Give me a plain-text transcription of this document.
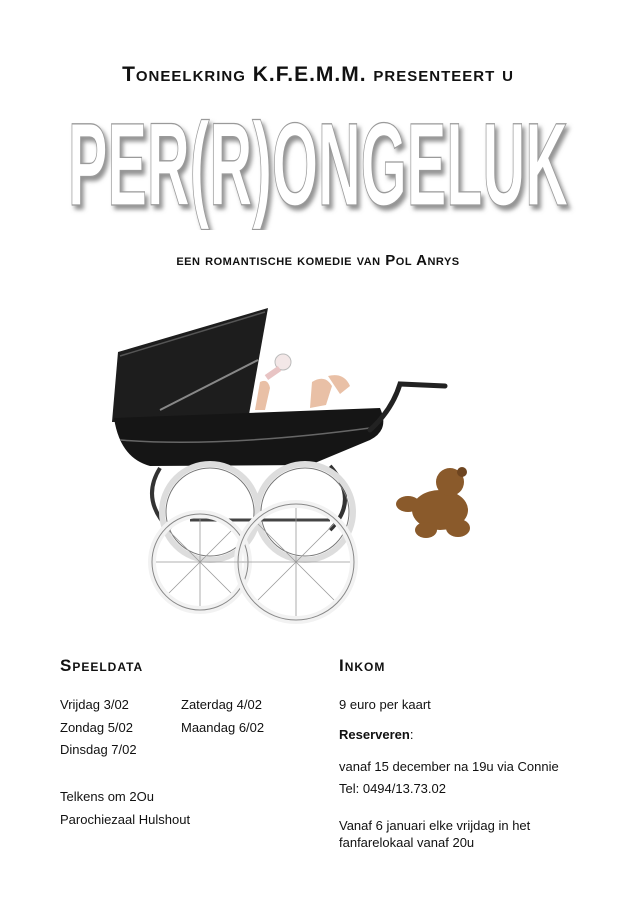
Toneelkring K.F.E.M.M. presenteert u
PER(R)ONGELUK
een romantische komedie van Pol Anrys
Speeldata
Vrijdag 3/02	Zaterdag 4/02
Zondag 5/02	Maandag 6/02
Dinsdag 7/02
Telkens om 2Ou
Parochiezaal Hulshout
Inkom
9 euro per kaart
Reserveren:
vanaf 15 december na 19u via Connie
Tel: 0494/13.73.02
Vanaf 6 januari elke vrijdag in het
fanfarelokaal vanaf 20u
